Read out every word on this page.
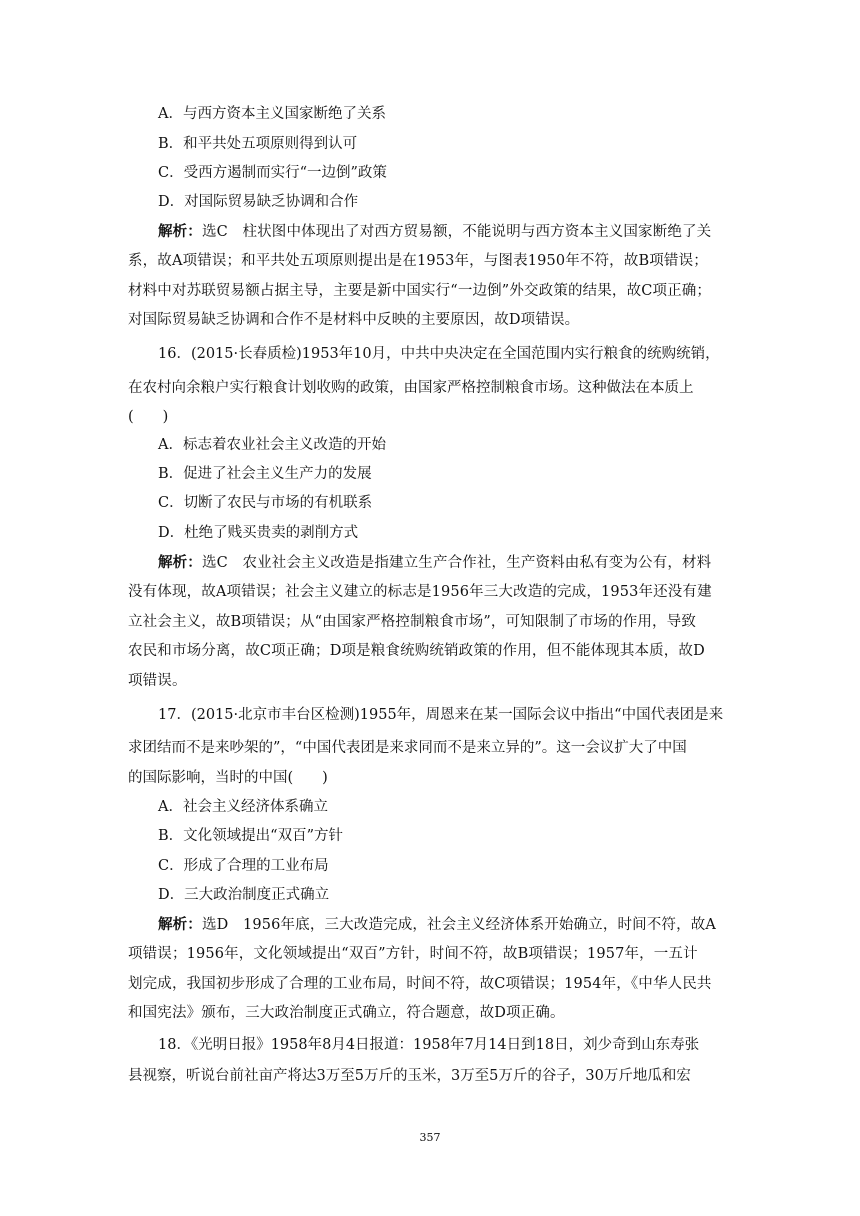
A．与西方资本主义国家断绝了关系
B．和平共处五项原则得到认可
C．受西方遏制而实行“一边倒”政策
D．对国际贸易缺乏协调和合作
解析：选C　柱状图中体现出了对西方贸易额，不能说明与西方资本主义国家断绝了关
系，故A项错误；和平共处五项原则提出是在1953年，与图表1950年不符，故B项错误；
材料中对苏联贸易额占据主导，主要是新中国实行“一边倒”外交政策的结果，故C项正确；
对国际贸易缺乏协调和合作不是材料中反映的主要原因，故D项错误。
16．(2015·长春质检)1953年10月，中共中央决定在全国范围内实行粮食的统购统销，
在农村向余粮户实行粮食计划收购的政策，由国家严格控制粮食市场。这种做法在本质上
(　　)
A．标志着农业社会主义改造的开始
B．促进了社会主义生产力的发展
C．切断了农民与市场的有机联系
D．杜绝了贱买贵卖的剥削方式
解析：选C　农业社会主义改造是指建立生产合作社，生产资料由私有变为公有，材料
没有体现，故A项错误；社会主义建立的标志是1956年三大改造的完成，1953年还没有建
立社会主义，故B项错误；从“由国家严格控制粮食市场”，可知限制了市场的作用，导致
农民和市场分离，故C项正确；D项是粮食统购统销政策的作用，但不能体现其本质，故D
项错误。
17．(2015·北京市丰台区检测)1955年，周恩来在某一国际会议中指出“中国代表团是来
求团结而不是来吵架的”，“中国代表团是来求同而不是来立异的”。这一会议扩大了中国
的国际影响，当时的中国(　　)
A．社会主义经济体系确立
B．文化领域提出“双百”方针
C．形成了合理的工业布局
D．三大政治制度正式确立
解析：选D　1956年底，三大改造完成，社会主义经济体系开始确立，时间不符，故A
项错误；1956年，文化领域提出“双百”方针，时间不符，故B项错误；1957年，一五计
划完成，我国初步形成了合理的工业布局，时间不符，故C项错误；1954年，《中华人民共
和国宪法》颁布，三大政治制度正式确立，符合题意，故D项正确。
18．《光明日报》1958年8月4日报道：1958年7月14日到18日，刘少奇到山东寿张
县视察，听说台前社亩产将达3万至5万斤的玉米，3万至5万斤的谷子，30万斤地瓜和宏
357
